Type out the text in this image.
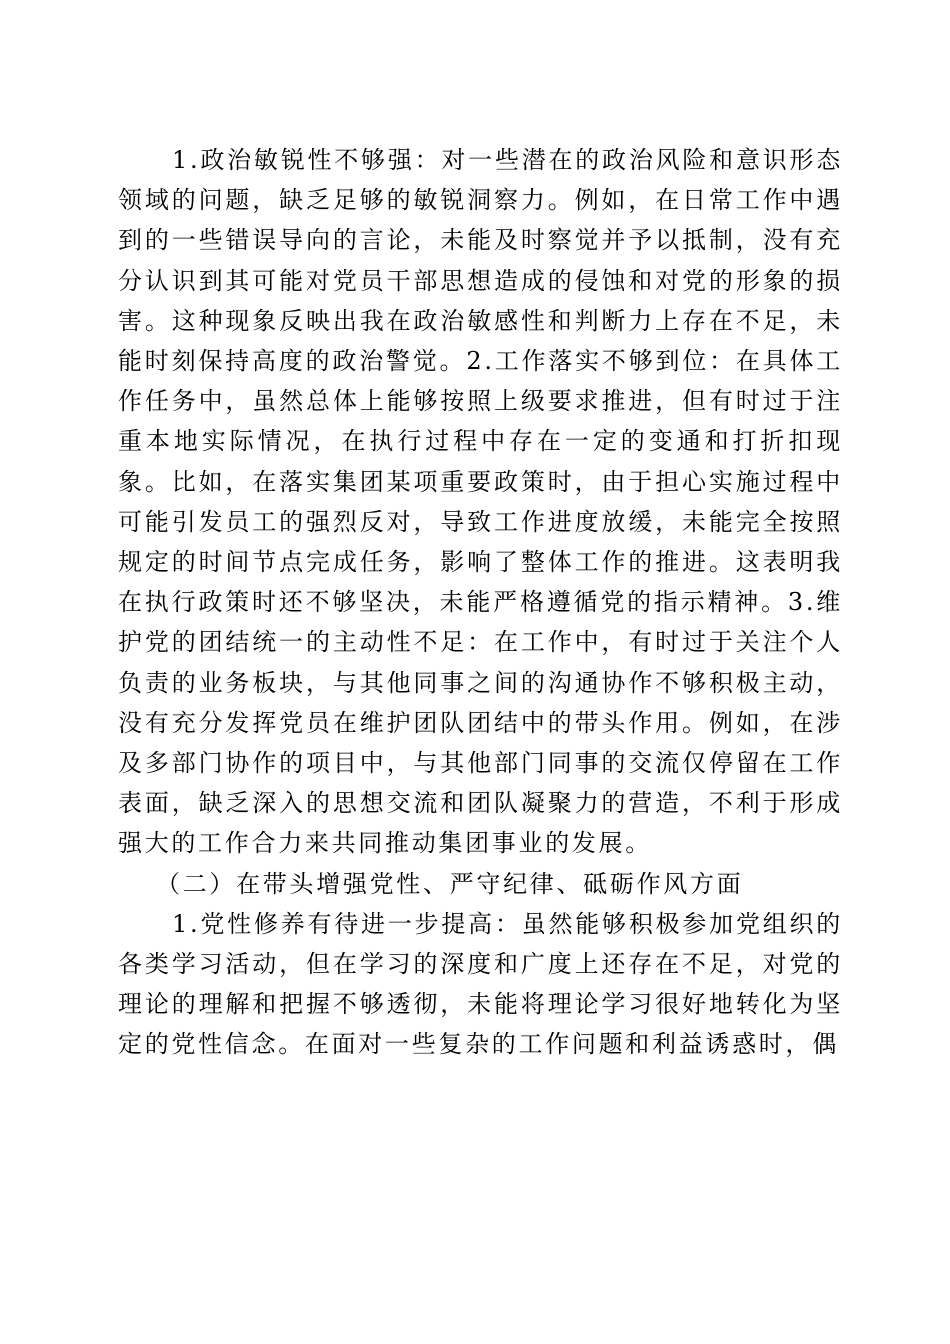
1.政治敏锐性不够强：对一些潜在的政治风险和意识形态领域的问题，缺乏足够的敏锐洞察力。例如，在日常工作中遇到的一些错误导向的言论，未能及时察觉并予以抵制，没有充分认识到其可能对党员干部思想造成的侵蚀和对党的形象的损害。这种现象反映出我在政治敏感性和判断力上存在不足，未能时刻保持高度的政治警觉。2.工作落实不够到位：在具体工作任务中，虽然总体上能够按照上级要求推进，但有时过于注重本地实际情况，在执行过程中存在一定的变通和打折扣现象。比如，在落实集团某项重要政策时，由于担心实施过程中可能引发员工的强烈反对，导致工作进度放缓，未能完全按照规定的时间节点完成任务，影响了整体工作的推进。这表明我在执行政策时还不够坚决，未能严格遵循党的指示精神。3.维护党的团结统一的主动性不足：在工作中，有时过于关注个人负责的业务板块，与其他同事之间的沟通协作不够积极主动，没有充分发挥党员在维护团队团结中的带头作用。例如，在涉及多部门协作的项目中，与其他部门同事的交流仅停留在工作表面，缺乏深入的思想交流和团队凝聚力的营造，不利于形成强大的工作合力来共同推动集团事业的发展。

（二）在带头增强党性、严守纪律、砥砺作风方面

1.党性修养有待进一步提高：虽然能够积极参加党组织的各类学习活动，但在学习的深度和广度上还存在不足，对党的理论的理解和把握不够透彻，未能将理论学习很好地转化为坚定的党性信念。在面对一些复杂的工作问题和利益诱惑时，偶
